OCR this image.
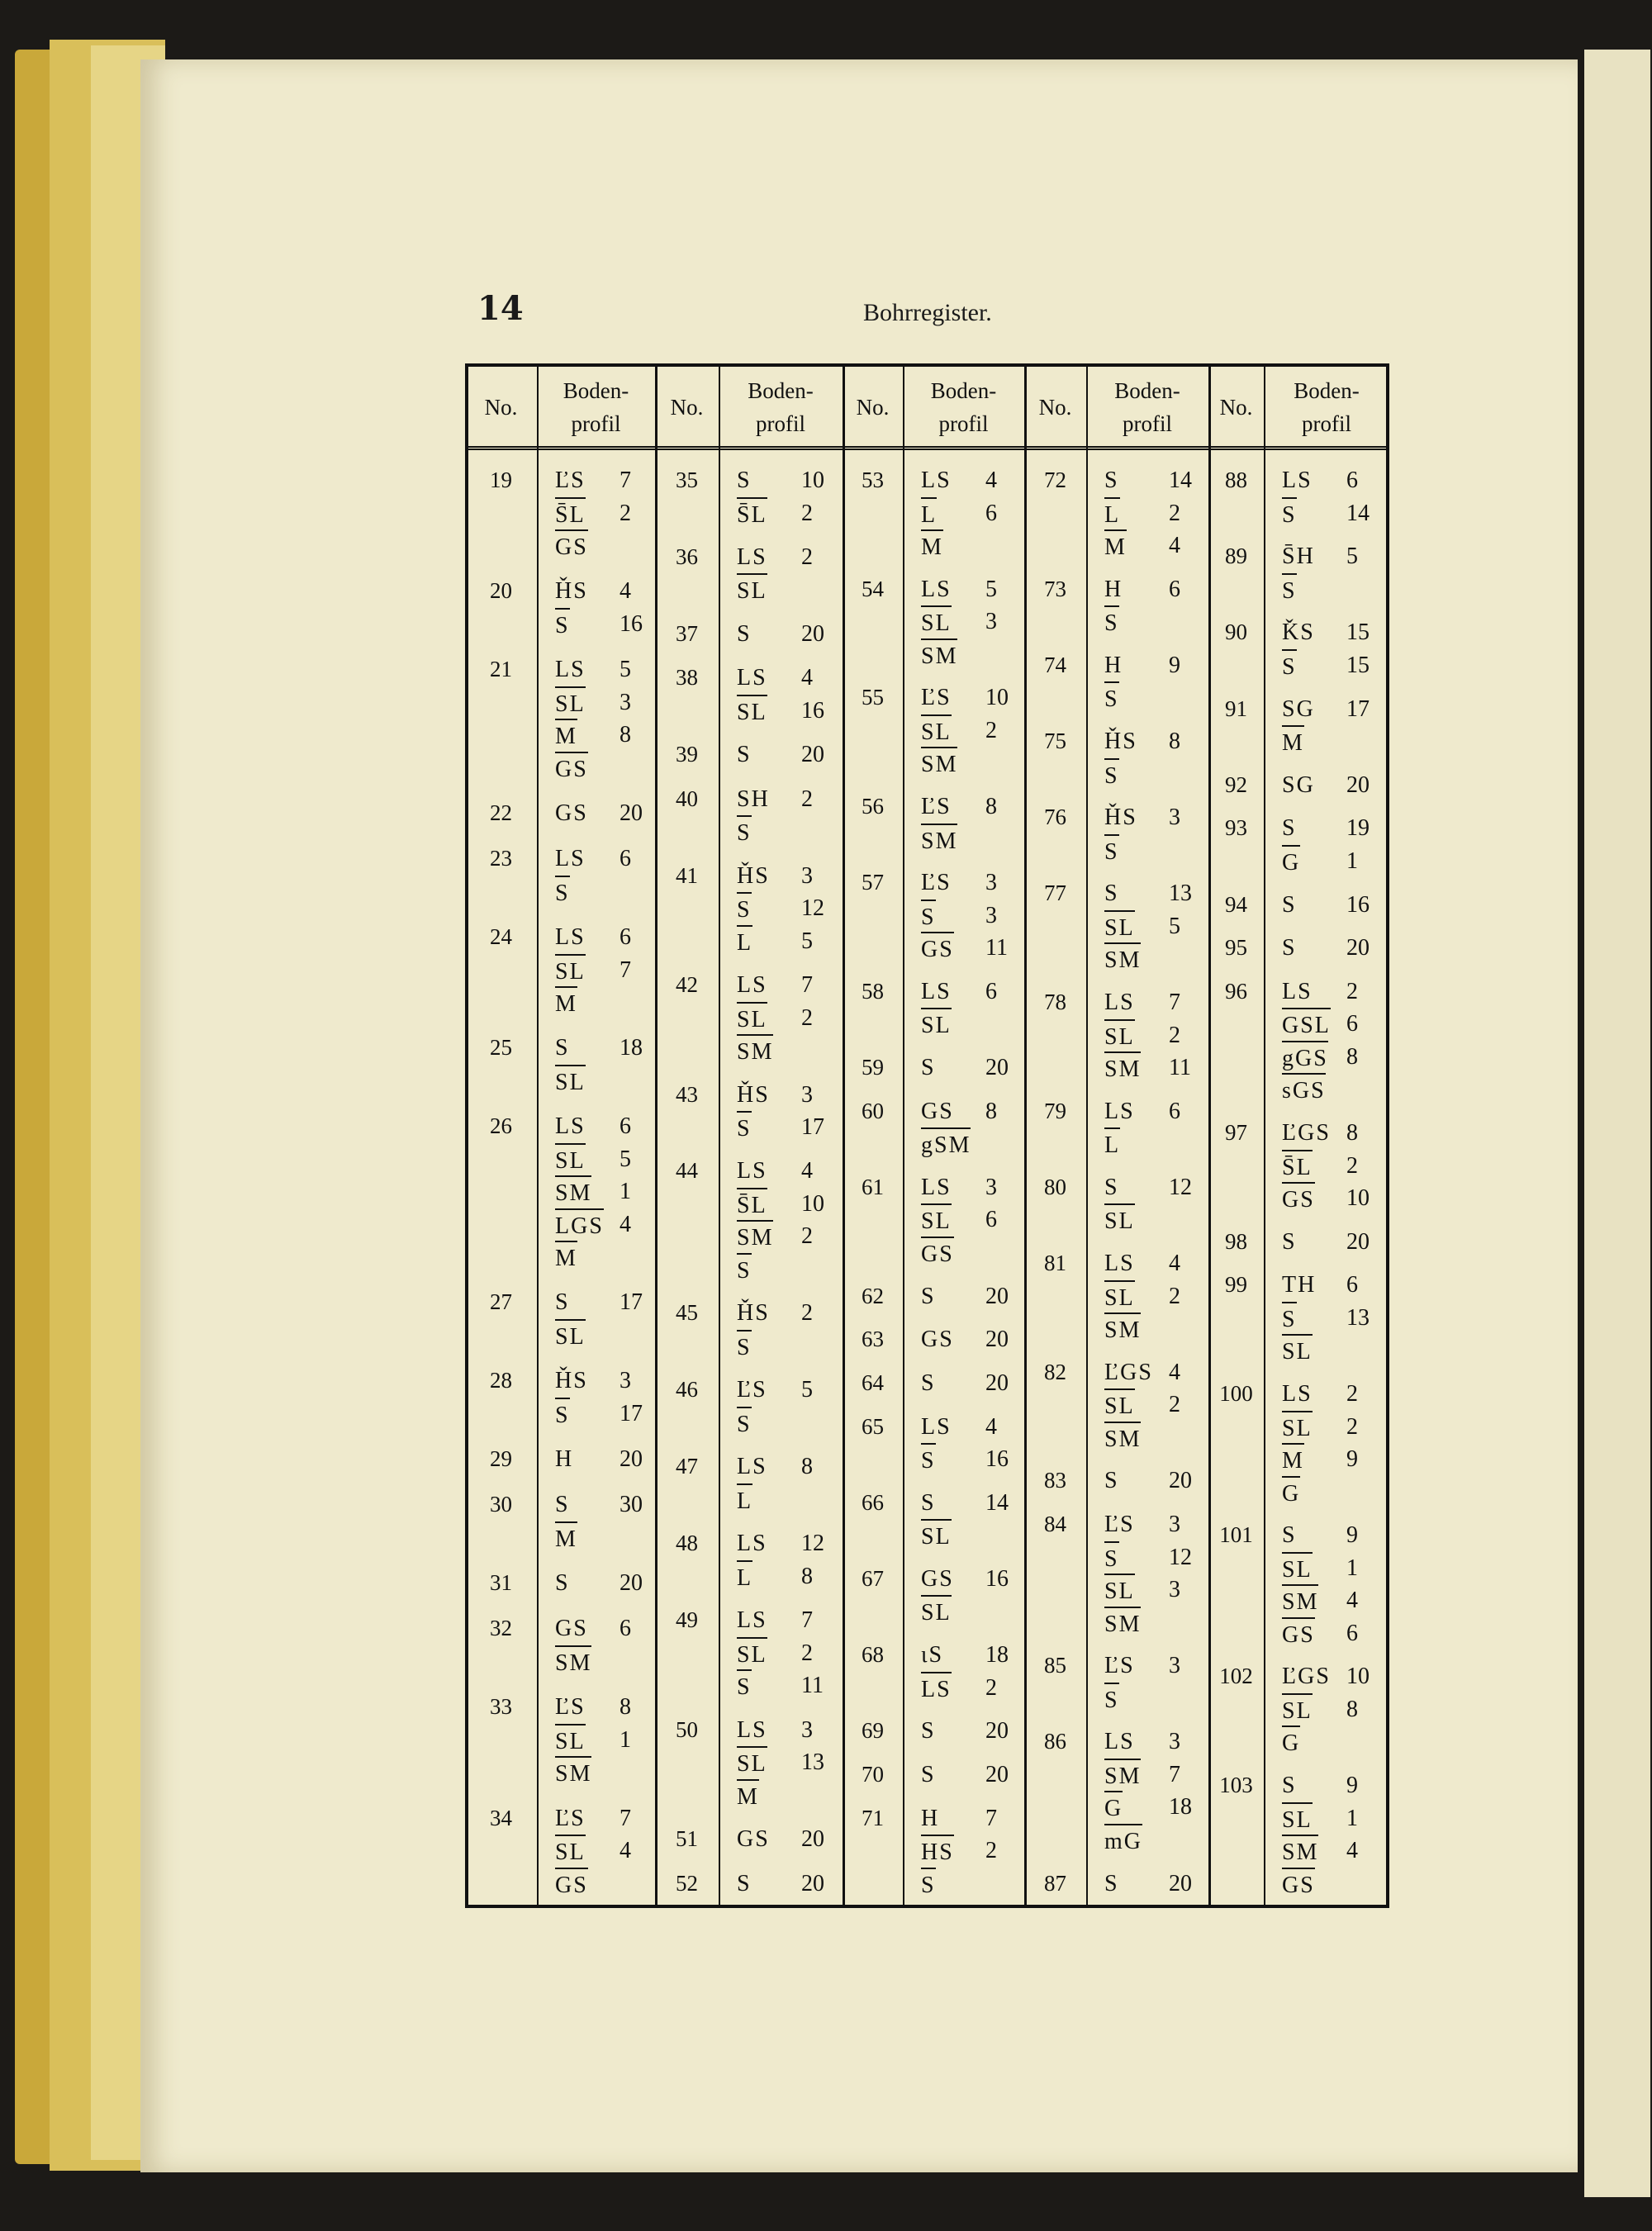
14	Bohrregister.
No.
Boden-
profil
No.
Boden-
profil
No.
Boden-
profil
No.
Boden-
profil
No.
Boden-
profil
19	ĽS 7
S̄L 2
GS
20	ȞS 4
S 16
21	LS 5
SL 3
M 8
GS
22	GS 20
23	LS 6
S
24	LS 6
SL 7
M
25	S 18
SL
26	LS 6
SL 5
SM 1
LGS 4
M
27	S 17
SL
28	ȞS 3
S 17
29	H 20
30	S 30
M
31	S 20
32	GS 6
SM
33	ĽS 8
SL 1
SM
34	ĽS 7
SL 4
GS
35	S 10
S̄L 2
36	LS 2
SL
37	S 20
38	LS 4
SL 16
39	S 20
40	SH 2
S
41	ȞS 3
S 12
L 5
42	LS 7
SL 2
SM
43	ȞS 3
S 17
44	LS 4
S̄L 10
SM 2
S
45	ȞS 2
S
46	ĽS 5
S
47	LS 8
L
48	LS 12
L 8
49	LS 7
SL 2
S 11
50	LS 3
SL 13
M
51	GS 20
52	S 20
53	LS 4
L 6
M
54	LS 5
SL 3
SM
55	ĽS 10
SL 2
SM
56	ĽS 8
SM
57	ĽS 3
S 3
GS 11
58	LS 6
SL
59	S 20
60	GS 8
gSM
61	LS 3
SL 6
GS
62	S 20
63	GS 20
64	S 20
65	LS 4
S 16
66	S 14
SL
67	GS 16
SL
68	ιS 18
LS 2
69	S 20
70	S 20
71	H 7
HS 2
S
72	S 14
L 2
M 4
73	H 6
S
74	H 9
S
75	ȞS 8
S
76	ȞS 3
S
77	S 13
SL 5
SM
78	LS 7
SL 2
SM 11
79	LS 6
L
80	S 12
SL
81	LS 4
SL 2
SM
82	ĽGS 4
SL 2
SM
83	S 20
84	ĽS 3
S 12
SL 3
SM
85	ĽS 3
S
86	LS 3
SM 7
G 18
mG
87	S 20
88	LS 6
S 14
89	S̄H 5
S
90	ǨS 15
S 15
91	SG 17
M
92	SG 20
93	S 19
G 1
94	S 16
95	S 20
96	LS 2
GSL 6
gGS 8
sGS
97	ĽGS 8
S̄L 2
GS 10
98	S 20
99	TH 6
S 13
SL
100	LS 2
SL 2
M 9
G
101	S 9
SL 1
SM 4
GS 6
102	ĽGS 10
SL 8
G
103	S 9
SL 1
SM 4
GS
